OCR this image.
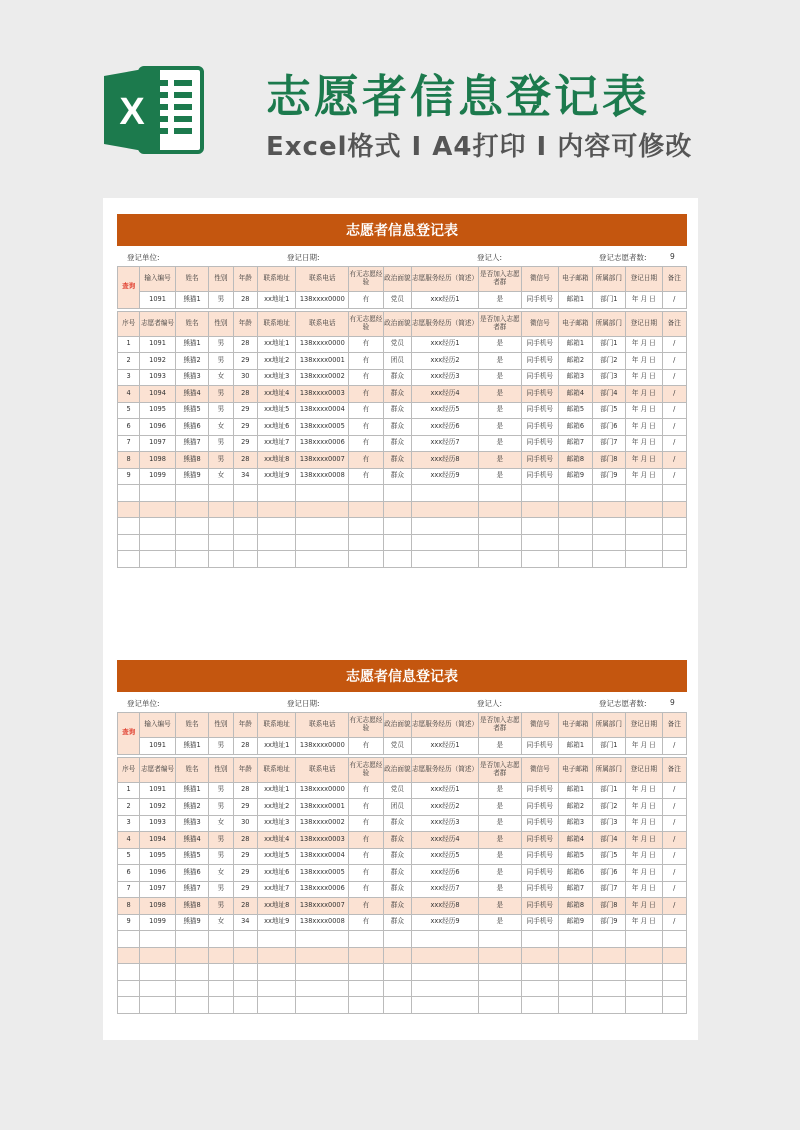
X	志愿者信息登记表
Excel格式 Ⅰ A4打印 Ⅰ 内容可修改
志愿者信息登记表
登记单位:	登记日期:	登记人:	登记志愿者数:	9
查询	输入编号	姓名	性别	年龄	联系地址	联系电话	有无志愿经验	政治面貌	志愿服务经历（简述）	是否加入志愿者群	微信号	电子邮箱	所属部门	登记日期	备注
	1091	熊猫1	男	28	xx地址1	138xxxx0000	有	党员	xxx经历1	是	同手机号	邮箱1	部门1	年 月 日	/
序号	志愿者编号	姓名	性别	年龄	联系地址	联系电话	有无志愿经验	政治面貌	志愿服务经历（简述）	是否加入志愿者群	微信号	电子邮箱	所属部门	登记日期	备注
1	1091	熊猫1	男	28	xx地址1	138xxxx0000	有	党员	xxx经历1	是	同手机号	邮箱1	部门1	年 月 日	/
2	1092	熊猫2	男	29	xx地址2	138xxxx0001	有	团员	xxx经历2	是	同手机号	邮箱2	部门2	年 月 日	/
3	1093	熊猫3	女	30	xx地址3	138xxxx0002	有	群众	xxx经历3	是	同手机号	邮箱3	部门3	年 月 日	/
4	1094	熊猫4	男	28	xx地址4	138xxxx0003	有	群众	xxx经历4	是	同手机号	邮箱4	部门4	年 月 日	/
5	1095	熊猫5	男	29	xx地址5	138xxxx0004	有	群众	xxx经历5	是	同手机号	邮箱5	部门5	年 月 日	/
6	1096	熊猫6	女	29	xx地址6	138xxxx0005	有	群众	xxx经历6	是	同手机号	邮箱6	部门6	年 月 日	/
7	1097	熊猫7	男	29	xx地址7	138xxxx0006	有	群众	xxx经历7	是	同手机号	邮箱7	部门7	年 月 日	/
8	1098	熊猫8	男	28	xx地址8	138xxxx0007	有	群众	xxx经历8	是	同手机号	邮箱8	部门8	年 月 日	/
9	1099	熊猫9	女	34	xx地址9	138xxxx0008	有	群众	xxx经历9	是	同手机号	邮箱9	部门9	年 月 日	/

志愿者信息登记表
登记单位:	登记日期:	登记人:	登记志愿者数:	9
查询	输入编号	姓名	性别	年龄	联系地址	联系电话	有无志愿经验	政治面貌	志愿服务经历（简述）	是否加入志愿者群	微信号	电子邮箱	所属部门	登记日期	备注
	1091	熊猫1	男	28	xx地址1	138xxxx0000	有	党员	xxx经历1	是	同手机号	邮箱1	部门1	年 月 日	/
序号	志愿者编号	姓名	性别	年龄	联系地址	联系电话	有无志愿经验	政治面貌	志愿服务经历（简述）	是否加入志愿者群	微信号	电子邮箱	所属部门	登记日期	备注
1	1091	熊猫1	男	28	xx地址1	138xxxx0000	有	党员	xxx经历1	是	同手机号	邮箱1	部门1	年 月 日	/
2	1092	熊猫2	男	29	xx地址2	138xxxx0001	有	团员	xxx经历2	是	同手机号	邮箱2	部门2	年 月 日	/
3	1093	熊猫3	女	30	xx地址3	138xxxx0002	有	群众	xxx经历3	是	同手机号	邮箱3	部门3	年 月 日	/
4	1094	熊猫4	男	28	xx地址4	138xxxx0003	有	群众	xxx经历4	是	同手机号	邮箱4	部门4	年 月 日	/
5	1095	熊猫5	男	29	xx地址5	138xxxx0004	有	群众	xxx经历5	是	同手机号	邮箱5	部门5	年 月 日	/
6	1096	熊猫6	女	29	xx地址6	138xxxx0005	有	群众	xxx经历6	是	同手机号	邮箱6	部门6	年 月 日	/
7	1097	熊猫7	男	29	xx地址7	138xxxx0006	有	群众	xxx经历7	是	同手机号	邮箱7	部门7	年 月 日	/
8	1098	熊猫8	男	28	xx地址8	138xxxx0007	有	群众	xxx经历8	是	同手机号	邮箱8	部门8	年 月 日	/
9	1099	熊猫9	女	34	xx地址9	138xxxx0008	有	群众	xxx经历9	是	同手机号	邮箱9	部门9	年 月 日	/
